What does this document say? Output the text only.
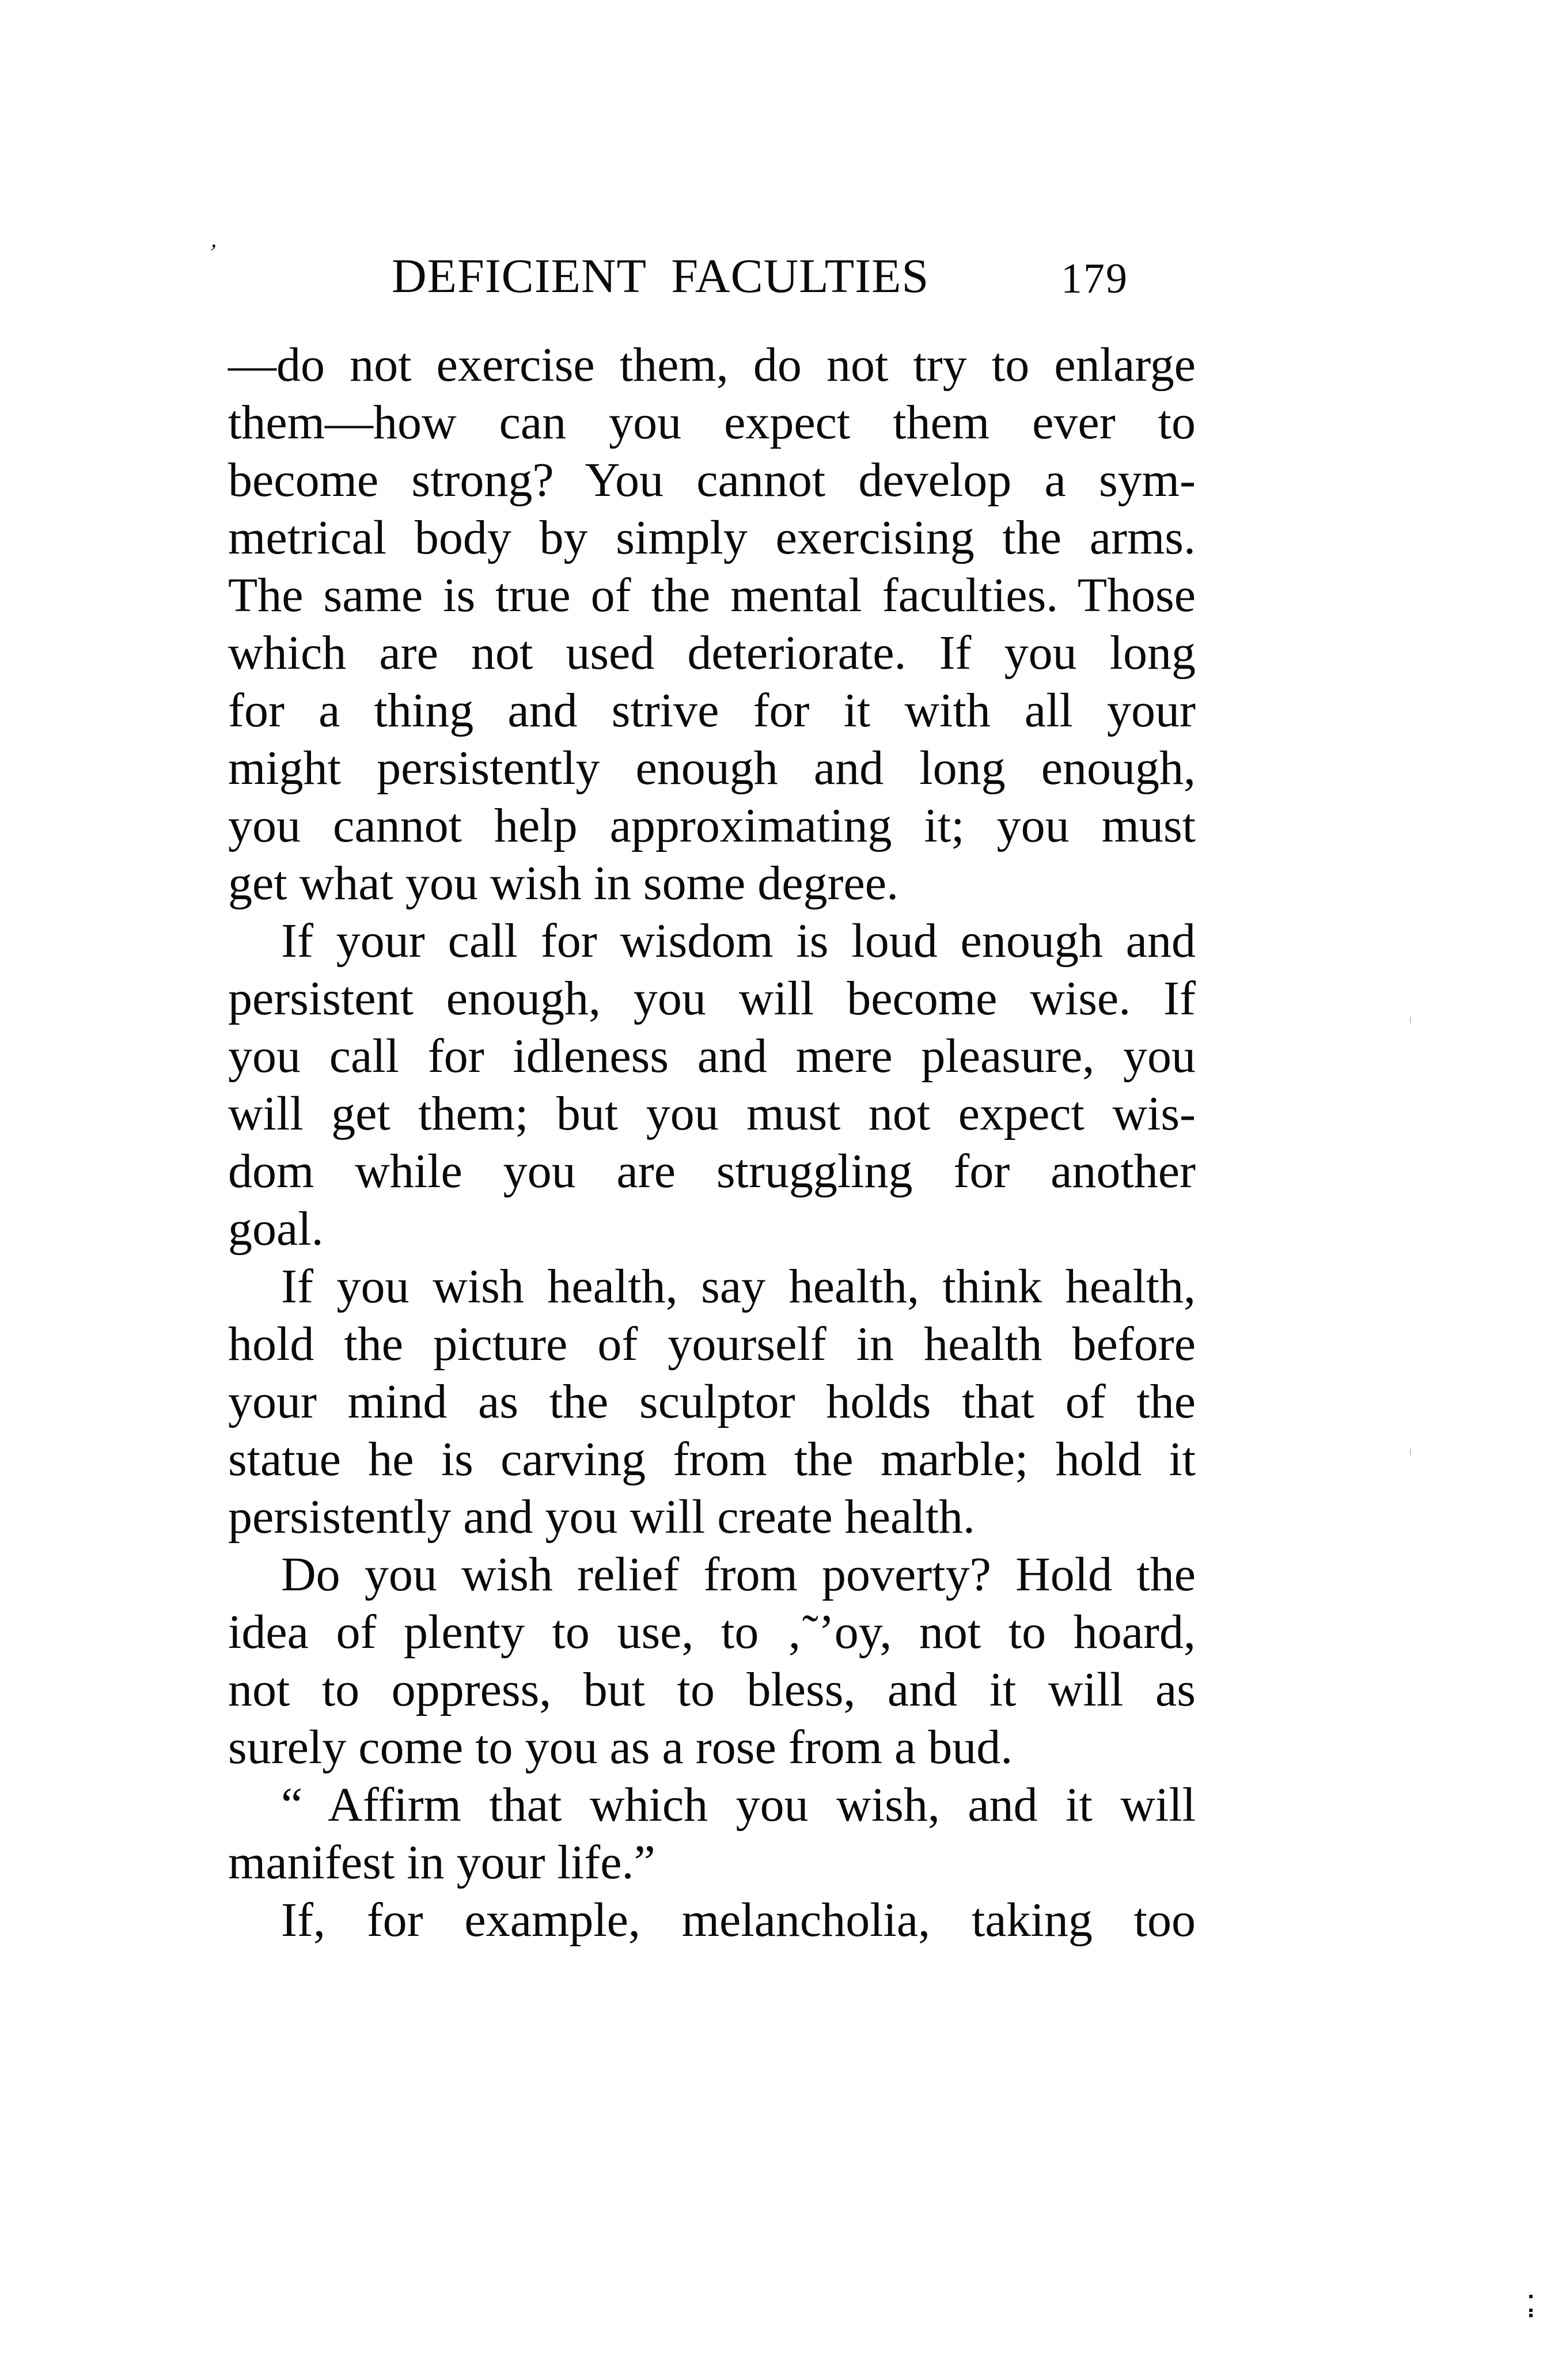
’	DEFICIENT FACULTIES	179
—do not exercise them, do not try to enlarge
them—how can you expect them ever to
become strong? You cannot develop a sym-
metrical body by simply exercising the arms.
The same is true of the mental faculties. Those
which are not used deteriorate. If you long
for a thing and strive for it with all your
might persistently enough and long enough,
you cannot help approximating it; you must
get what you wish in some degree.
If your call for wisdom is loud enough and
persistent enough, you will become wise. If
you call for idleness and mere pleasure, you
will get them; but you must not expect wis-
dom while you are struggling for another
goal.
If you wish health, say health, think health,
hold the picture of yourself in health before
your mind as the sculptor holds that of the
statue he is carving from the marble; hold it
persistently and you will create health.
Do you wish relief from poverty? Hold the
idea of plenty to use, to ‚˜ʼoy, not to hoard,
not to oppress, but to bless, and it will as
surely come to you as a rose from a bud.
“ Affirm that which you wish, and it will
manifest in your life.”
If, for example, melancholia, taking too
